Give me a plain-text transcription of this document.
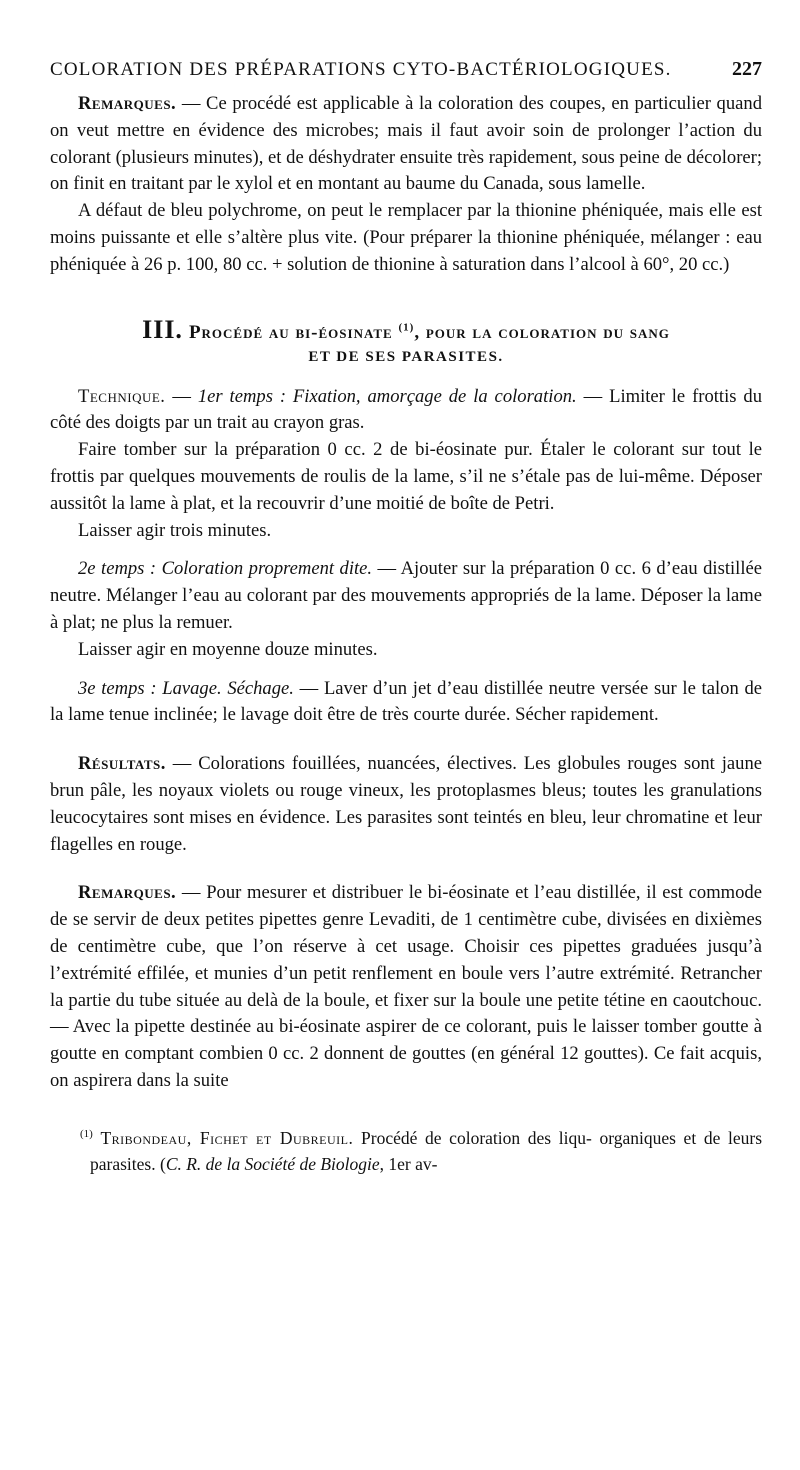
COLORATION DES PRÉPARATIONS CYTO-BACTÉRIOLOGIQUES.	227

Remarques. — Ce procédé est applicable à la coloration des coupes, en particulier quand on veut mettre en évidence des microbes; mais il faut avoir soin de prolonger l’action du colorant (plusieurs minutes), et de déshydrater ensuite très rapidement, sous peine de décolorer; on finit en traitant par le xylol et en montant au baume du Canada, sous lamelle.

A défaut de bleu polychrome, on peut le remplacer par la thionine phéniquée, mais elle est moins puissante et elle s’altère plus vite. (Pour préparer la thionine phéniquée, mélanger : eau phéniquée à 26 p. 100, 80 cc. + solution de thionine à saturation dans l’alcool à 60°, 20 cc.)

III. Procédé au bi-éosinate $^{(1)}$, pour la coloration du sang
ET DE SES PARASITES.

Technique. — 1er temps : Fixation, amorçage de la coloration. — Limiter le frottis du côté des doigts par un trait au crayon gras.

Faire tomber sur la préparation 0 cc. 2 de bi-éosinate pur. Étaler le colorant sur tout le frottis par quelques mouvements de roulis de la lame, s’il ne s’étale pas de lui-même. Déposer aussitôt la lame à plat, et la recouvrir d’une moitié de boîte de Petri.

Laisser agir trois minutes.

2e temps : Coloration proprement dite. — Ajouter sur la préparation 0 cc. 6 d’eau distillée neutre. Mélanger l’eau au colorant par des mouvements appropriés de la lame. Déposer la lame à plat; ne plus la remuer.

Laisser agir en moyenne douze minutes.

3e temps : Lavage. Séchage. — Laver d’un jet d’eau distillée neutre versée sur le talon de la lame tenue inclinée; le lavage doit être de très courte durée. Sécher rapidement.

Résultats. — Colorations fouillées, nuancées, électives. Les globules rouges sont jaune brun pâle, les noyaux violets ou rouge vineux, les protoplasmes bleus; toutes les granulations leucocytaires sont mises en évidence. Les parasites sont teintés en bleu, leur chromatine et leur flagelles en rouge.

Remarques. — Pour mesurer et distribuer le bi-éosinate et l’eau distillée, il est commode de se servir de deux petites pipettes genre Levaditi, de 1 centimètre cube, divisées en dixièmes de centimètre cube, que l’on réserve à cet usage. Choisir ces pipettes graduées jusqu’à l’extrémité effilée, et munies d’un petit renflement en boule vers l’autre extrémité. Retrancher la partie du tube située au delà de la boule, et fixer sur la boule une petite tétine en caoutchouc. — Avec la pipette destinée au bi-éosinate aspirer de ce colorant, puis le laisser tomber goutte à goutte en comptant combien 0 cc. 2 donnent de gouttes (en général 12 gouttes). Ce fait acquis, on aspirera dans la suite

$^{(1)}$ Tribondeau, Fichet et Dubreuil. Procédé de coloration des liqu- organiques et de leurs parasites. (C. R. de la Société de Biologie, 1er av-
